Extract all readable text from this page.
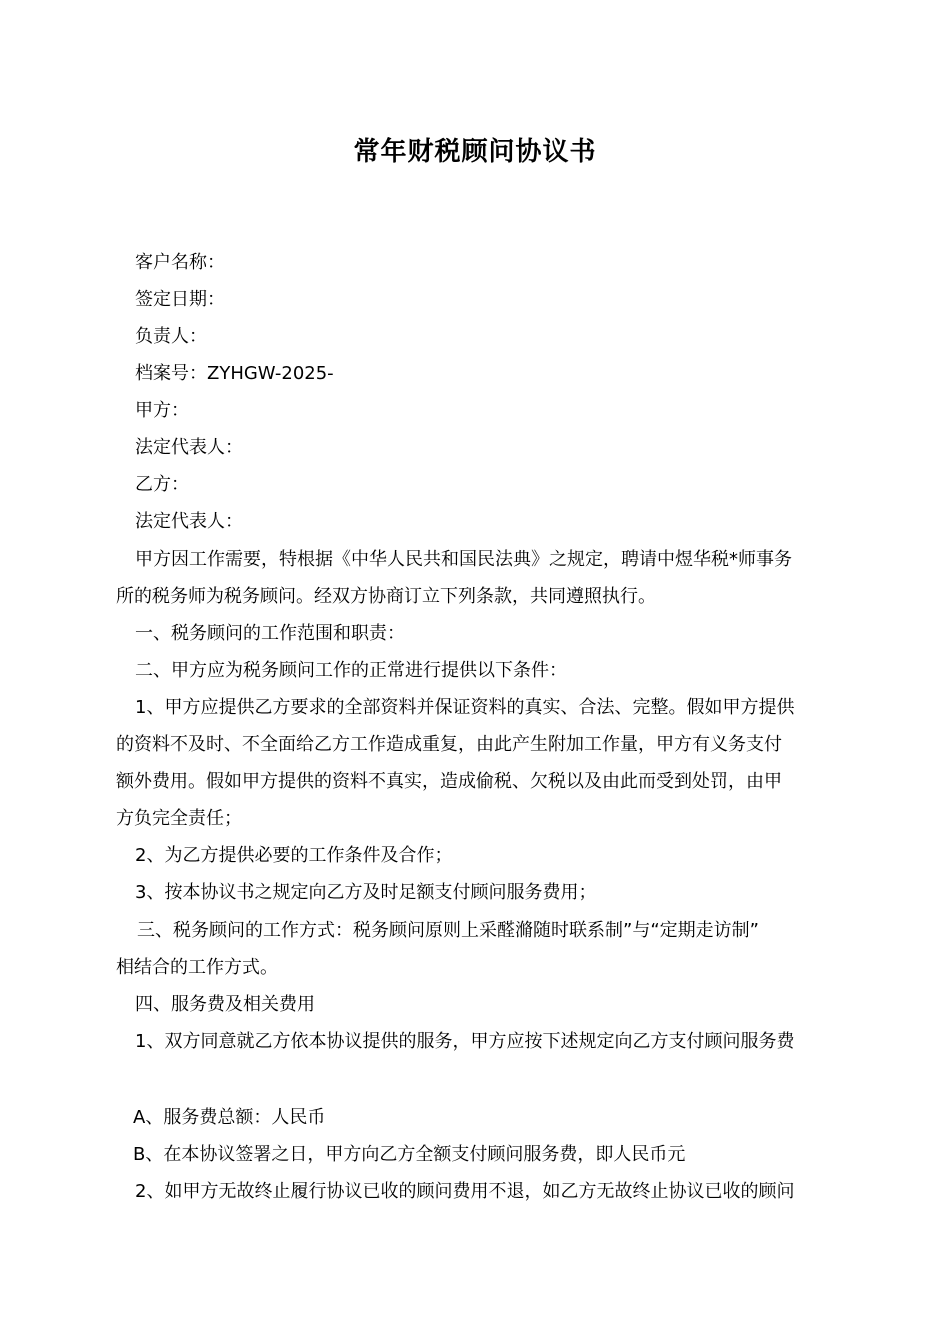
常年财税顾问协议书
客户名称：
签定日期：
负责人：
档案号：ZYHGW-2025-
甲方：
法定代表人：
乙方：
法定代表人：
甲方因工作需要，特根据《中华人民共和国民法典》之规定，聘请中煜华税*师事务
所的税务师为税务顾问。经双方协商订立下列条款，共同遵照执行。
一、税务顾问的工作范围和职责：
二、甲方应为税务顾问工作的正常进行提供以下条件：
1、甲方应提供乙方要求的全部资料并保证资料的真实、合法、完整。假如甲方提供
的资料不及时、不全面给乙方工作造成重复，由此产生附加工作量，甲方有义务支付
额外费用。假如甲方提供的资料不真实，造成偷税、欠税以及由此而受到处罚，由甲
方负完全责任；
2、为乙方提供必要的工作条件及合作；
3、按本协议书之规定向乙方及时足额支付顾问服务费用；
三、税务顾问的工作方式：税务顾问原则上采醛滫随时联系制”与“定期走访制”
相结合的工作方式。
四、服务费及相关费用
1、双方同意就乙方依本协议提供的服务，甲方应按下述规定向乙方支付顾问服务费
A、服务费总额：人民币
B、在本协议签署之日，甲方向乙方全额支付顾问服务费，即人民币元
2、如甲方无故终止履行协议已收的顾问费用不退，如乙方无故终止协议已收的顾问
